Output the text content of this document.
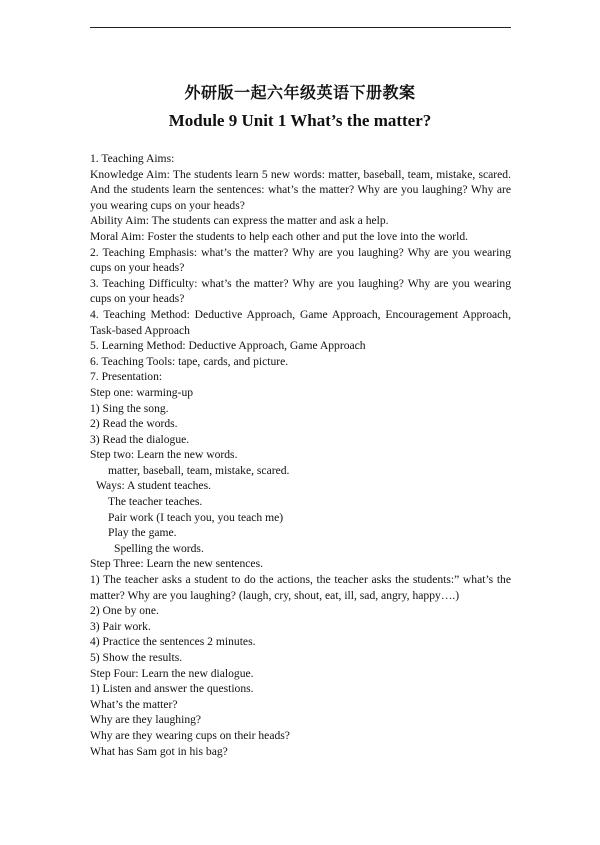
外研版一起六年级英语下册教案
Module 9 Unit 1 What’s the matter?

1. Teaching Aims:

Knowledge Aim: The students learn 5 new words: matter, baseball, team, mistake, scared. And the students learn the sentences: what’s the matter? Why are you laughing? Why are you wearing cups on your heads?

Ability Aim: The students can express the matter and ask a help.

Moral Aim: Foster the students to help each other and put the love into the world.

2. Teaching Emphasis: what’s the matter? Why are you laughing? Why are you wearing cups on your heads?

3. Teaching Difficulty: what’s the matter? Why are you laughing? Why are you wearing cups on your heads?

4. Teaching Method: Deductive Approach, Game Approach, Encouragement Approach, Task-based Approach

5. Learning Method: Deductive Approach, Game Approach

6. Teaching Tools: tape, cards, and picture.

7. Presentation:

Step one: warming-up

1) Sing the song.

2) Read the words.

3) Read the dialogue.

Step two: Learn the new words.

matter, baseball, team, mistake, scared.

Ways: A student teaches.

The teacher teaches.

Pair work (I teach you, you teach me)

Play the game.

Spelling the words.

Step Three: Learn the new sentences.

1) The teacher asks a student to do the actions, the teacher asks the students:” what’s the matter? Why are you laughing? (laugh, cry, shout, eat, ill, sad, angry, happy….)

2) One by one.

3) Pair work.

4) Practice the sentences 2 minutes.

5) Show the results.

Step Four: Learn the new dialogue.

1) Listen and answer the questions.

What’s the matter?

Why are they laughing?

Why are they wearing cups on their heads?

What has Sam got in his bag?
